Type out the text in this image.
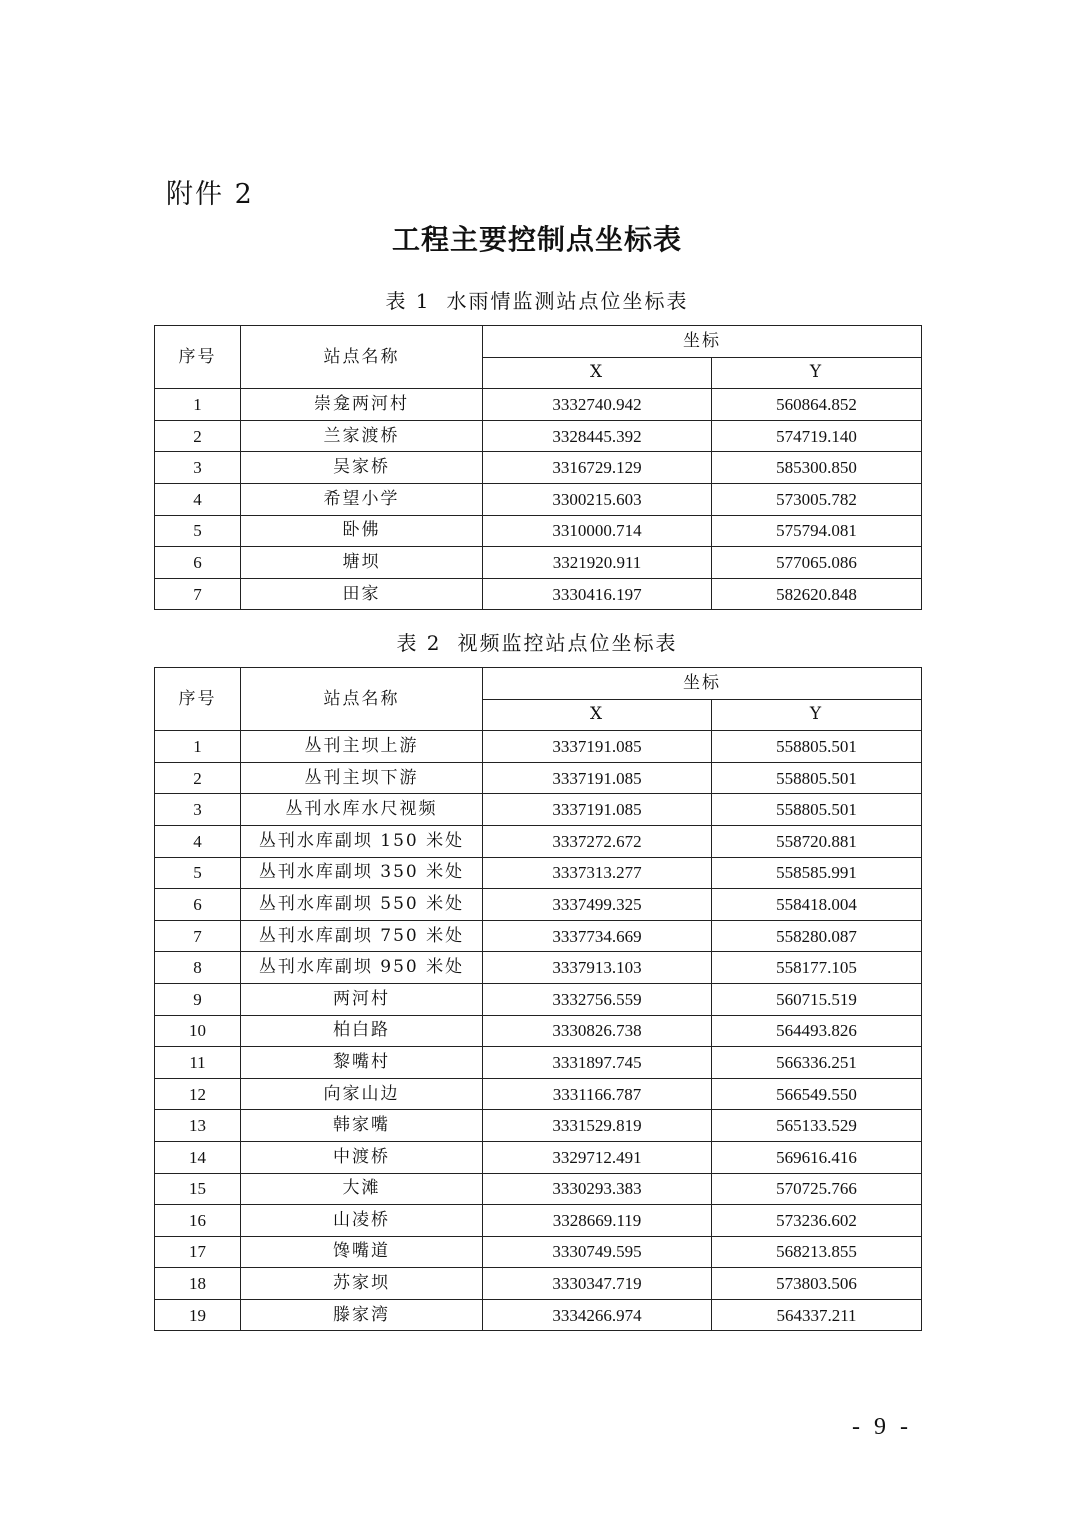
附件 2
工程主要控制点坐标表

表 1 水雨情监测站点位坐标表

序号	站点名称	坐标	
		X	Y
1	崇龛两河村	3332740.942	560864.852
2	兰家渡桥	3328445.392	574719.140
3	吴家桥	3316729.129	585300.850
4	希望小学	3300215.603	573005.782
5	卧佛	3310000.714	575794.081
6	塘坝	3321920.911	577065.086
7	田家	3330416.197	582620.848

表 2 视频监控站点位坐标表

序号	站点名称	坐标	
		X	Y
1	丛刊主坝上游	3337191.085	558805.501
2	丛刊主坝下游	3337191.085	558805.501
3	丛刊水库水尺视频	3337191.085	558805.501
4	丛刊水库副坝 150 米处	3337272.672	558720.881
5	丛刊水库副坝 350 米处	3337313.277	558585.991
6	丛刊水库副坝 550 米处	3337499.325	558418.004
7	丛刊水库副坝 750 米处	3337734.669	558280.087
8	丛刊水库副坝 950 米处	3337913.103	558177.105
9	两河村	3332756.559	560715.519
10	柏白路	3330826.738	564493.826
11	黎嘴村	3331897.745	566336.251
12	向家山边	3331166.787	566549.550
13	韩家嘴	3331529.819	565133.529
14	中渡桥	3329712.491	569616.416
15	大滩	3330293.383	570725.766
16	山凌桥	3328669.119	573236.602
17	馋嘴道	3330749.595	568213.855
18	苏家坝	3330347.719	573803.506
19	滕家湾	3334266.974	564337.211
- 9 -
